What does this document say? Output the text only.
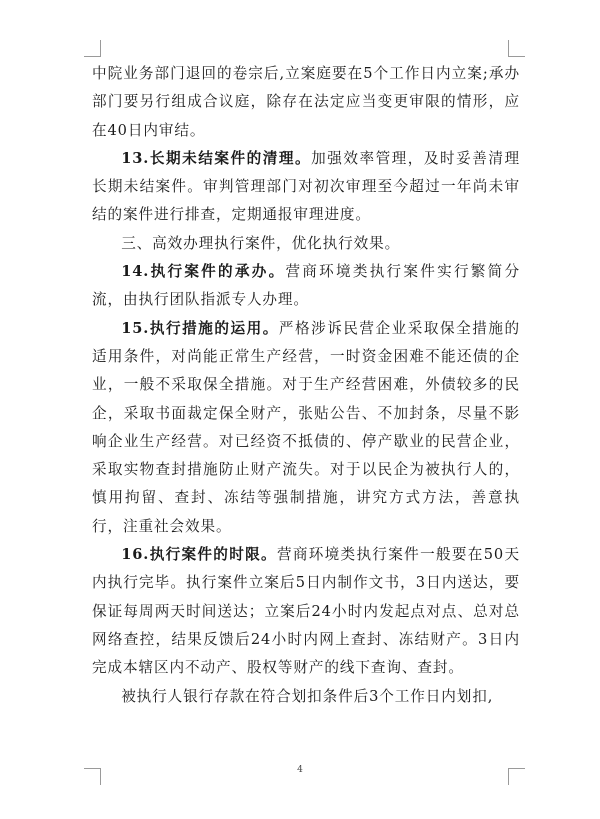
中院业务部门退回的卷宗后,立案庭要在5个工作日内立案;承办部门要另行组成合议庭，除存在法定应当变更审限的情形，应在40日内审结。

13.长期未结案件的清理。加强效率管理，及时妥善清理长期未结案件。审判管理部门对初次审理至今超过一年尚未审结的案件进行排查，定期通报审理进度。

三、高效办理执行案件，优化执行效果。

14.执行案件的承办。营商环境类执行案件实行繁简分流，由执行团队指派专人办理。

15.执行措施的运用。严格涉诉民营企业采取保全措施的适用条件，对尚能正常生产经营，一时资金困难不能还债的企业，一般不采取保全措施。对于生产经营困难，外债较多的民企，采取书面裁定保全财产，张贴公告、不加封条，尽量不影响企业生产经营。对已经资不抵债的、停产歇业的民营企业，采取实物查封措施防止财产流失。对于以民企为被执行人的，慎用拘留、查封、冻结等强制措施，讲究方式方法，善意执行，注重社会效果。

16.执行案件的时限。营商环境类执行案件一般要在50天内执行完毕。执行案件立案后5日内制作文书，3日内送达，要保证每周两天时间送达；立案后24小时内发起点对点、总对总网络查控，结果反馈后24小时内网上查封、冻结财产。3日内完成本辖区内不动产、股权等财产的线下查询、查封。

被执行人银行存款在符合划扣条件后3个工作日内划扣,

4
